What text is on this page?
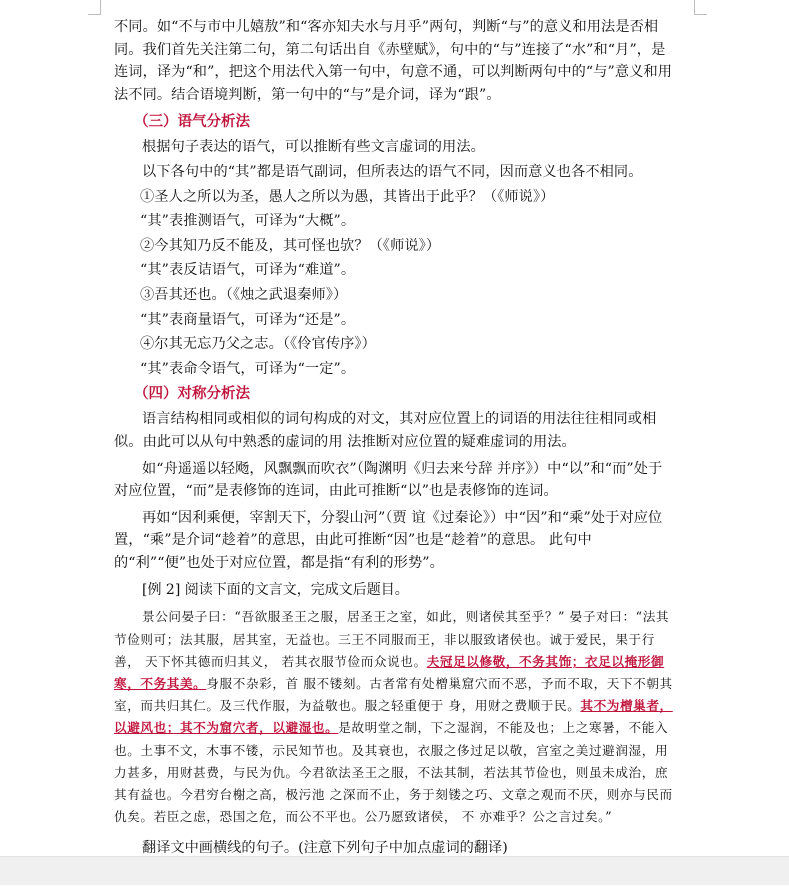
不同。如“不与市中儿嬉敖”和“客亦知夫水与月乎”两句，判断“与”的意义和用法是否相同。我们首先关注第二句，第二句话出自《赤壁赋》，句中的“与”连接了“水”和“月”，是连词，译为“和”，把这个用法代入第一句中，句意不通，可以判断两句中的“与”意义和用法不同。结合语境判断，第一句中的“与”是介词，译为“跟”。

（三）语气分析法

根据句子表达的语气，可以推断有些文言虚词的用法。

以下各句中的“其”都是语气副词，但所表达的语气不同，因而意义也各不相同。

①圣人之所以为圣，愚人之所以为愚，其皆出于此乎？（《师说》）

“其”表推测语气，可译为“大概”。

②今其知乃反不能及，其可怪也欤？（《师说》）

“其”表反诘语气，可译为“难道”。

③吾其还也。（《烛之武退秦师》）

“其”表商量语气，可译为“还是”。

④尔其无忘乃父之志。（《伶官传序》）

“其”表命令语气，可译为“一定”。

（四）对称分析法

语言结构相同或相似的词句构成的对文，其对应位置上的词语的用法往往相同或相似。由此可以从句中熟悉的虚词的用 法推断对应位置的疑难虚词的用法。

如“舟遥遥以轻飏，风飘飘而吹衣”（陶渊明《归去来兮辞 并序》）中“以”和“而”处于对应位置，“而”是表修饰的连词，由此可推断“以”也是表修饰的连词。

再如“因利乘便，宰割天下，分裂山河”（贾 谊《过秦论》）中“因”和“乘”处于对应位置，“乘”是介词“趁着”的意思，由此可推断“因”也是“趁着”的意思。 此句中的“利”“便”也处于对应位置，都是指“有利的形势”。

[例 2] 阅读下面的文言文，完成文后题目。

景公问晏子曰：“吾欲服圣王之服，居圣王之室，如此，则诸侯其至乎？” 晏子对曰：“法其节俭则可；法其服，居其室，无益也。三王不同服而王，非以服致诸侯也。诚于爱民，果于行善， 天下怀其德而归其义， 若其衣服节俭而众说也。夫冠足以修敬，不务其饰；衣足以掩形御寒，不务其美。身服不杂彩，首 服不镂刻。古者常有处橧巢窟穴而不恶，予而不取，天下不朝其室，而共归其仁。及三代作服，为益敬也。服之轻重便于 身，用财之费顺于民。其不为橧巢者，以避风也；其不为窟穴者，以避湿也。是故明堂之制，下之湿润，不能及也；上之寒暑，不能入也。土事不文，木事不镂，示民知节也。及其衰也，衣服之侈过足以敬，宫室之美过避润湿，用力甚多，用财甚费，与民为仇。今君欲法圣王之服，不法其制，若法其节俭也，则虽未成治，庶其有益也。今君穷台榭之高，极污池 之深而不止，务于刻镂之巧、文章之观而不厌，则亦与民而仇矣。若臣之虑，恐国之危，而公不平也。公乃愿致诸侯， 不 亦难乎？公之言过矣。”

翻译文中画横线的句子。(注意下列句子中加点虚词的翻译)
